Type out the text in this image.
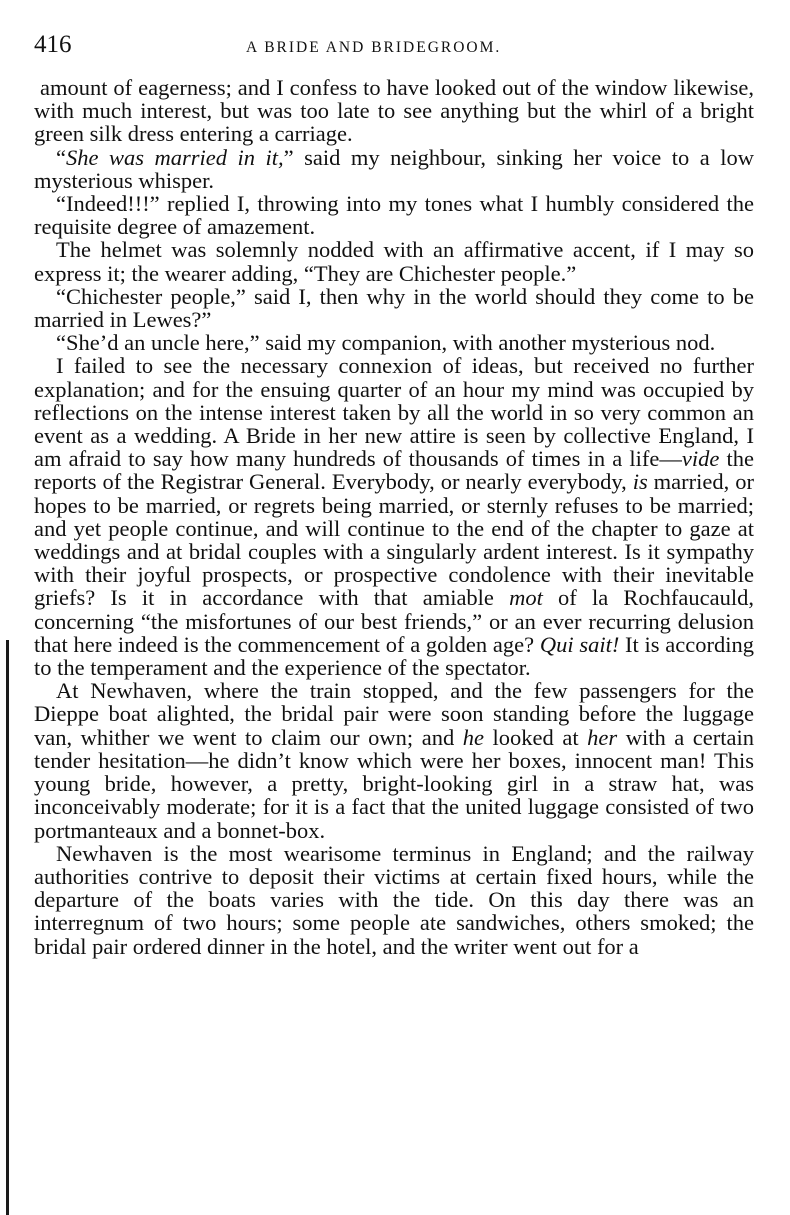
416	A BRIDE AND BRIDEGROOM.

amount of eagerness; and I confess to have looked out of the window likewise, with much interest, but was too late to see anything but the whirl of a bright green silk dress entering a carriage.

“She was married in it,” said my neighbour, sinking her voice to a low mysterious whisper.

“Indeed!!!” replied I, throwing into my tones what I humbly considered the requisite degree of amazement.

The helmet was solemnly nodded with an affirmative accent, if I may so express it; the wearer adding, “They are Chichester people.”

“Chichester people,” said I, then why in the world should they come to be married in Lewes?”

“She’d an uncle here,” said my companion, with another mysterious nod.

I failed to see the necessary connexion of ideas, but received no further explanation; and for the ensuing quarter of an hour my mind was occupied by reflections on the intense interest taken by all the world in so very common an event as a wedding. A Bride in her new attire is seen by collective England, I am afraid to say how many hundreds of thousands of times in a life—vide the reports of the Registrar General. Everybody, or nearly everybody, is married, or hopes to be married, or regrets being married, or sternly refuses to be married; and yet people continue, and will continue to the end of the chapter to gaze at weddings and at bridal couples with a singularly ardent interest. Is it sympathy with their joyful prospects, or prospective condolence with their inevitable griefs? Is it in accordance with that amiable mot of la Rochfaucauld, concerning “the misfortunes of our best friends,” or an ever recurring delusion that here indeed is the commencement of a golden age? Qui sait! It is according to the temperament and the experience of the spectator.

At Newhaven, where the train stopped, and the few passengers for the Dieppe boat alighted, the bridal pair were soon standing before the luggage van, whither we went to claim our own; and he looked at her with a certain tender hesitation—he didn’t know which were her boxes, innocent man! This young bride, however, a pretty, bright-looking girl in a straw hat, was inconceivably moderate; for it is a fact that the united luggage consisted of two portmanteaux and a bonnet-box.

Newhaven is the most wearisome terminus in England; and the railway authorities contrive to deposit their victims at certain fixed hours, while the departure of the boats varies with the tide. On this day there was an interregnum of two hours; some people ate sandwiches, others smoked; the bridal pair ordered dinner in the hotel, and the writer went out for a
